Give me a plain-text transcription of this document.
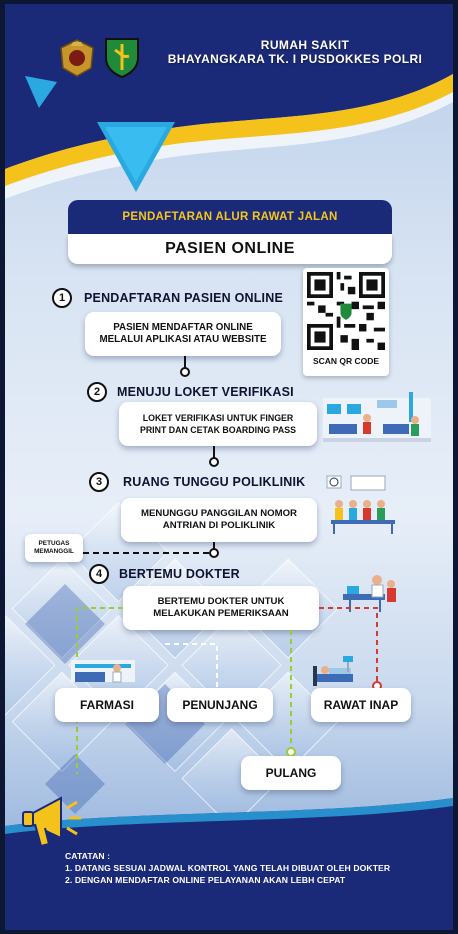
RUMAH SAKIT
BHAYANGKARA TK. I PUSDOKKES POLRI
PENDAFTARAN ALUR RAWAT JALAN
PASIEN ONLINE
1	PENDAFTARAN PASIEN ONLINE
PASIEN MENDAFTAR ONLINE MELALUI APLIKASI ATAU WEBSITE
SCAN QR CODE
2	MENUJU LOKET VERIFIKASI
LOKET VERIFIKASI UNTUK FINGER PRINT DAN CETAK BOARDING PASS
3	RUANG TUNGGU POLIKLINIK
MENUNGGU PANGGILAN NOMOR ANTRIAN DI POLIKLINIK
PETUGAS MEMANGGIL
4	BERTEMU DOKTER
BERTEMU DOKTER UNTUK MELAKUKAN PEMERIKSAAN
FARMASI	PENUNJANG	RAWAT INAP
PULANG
CATATAN :
1. DATANG SESUAI JADWAL KONTROL YANG TELAH DIBUAT OLEH DOKTER
2. DENGAN MENDAFTAR ONLINE PELAYANAN AKAN LEBH CEPAT
